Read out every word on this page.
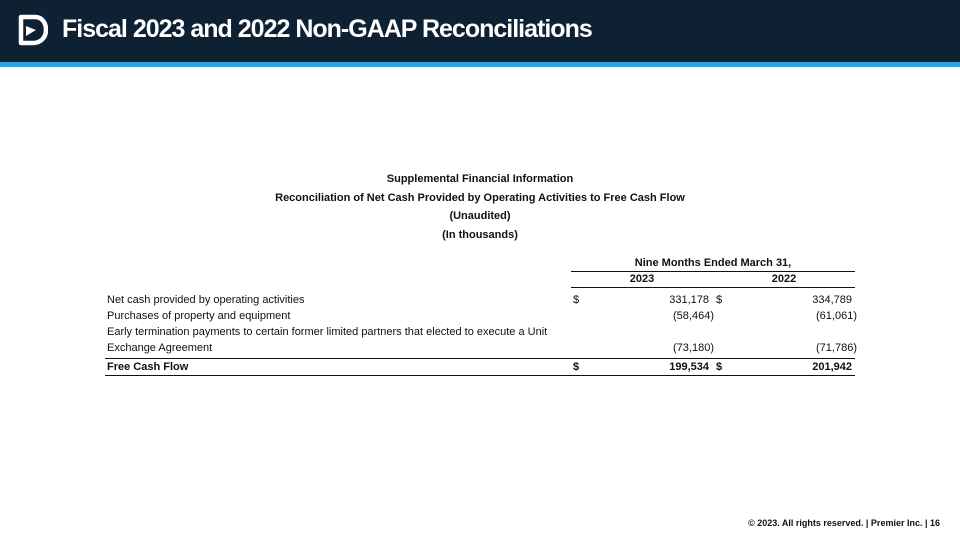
Fiscal 2023 and 2022 Non-GAAP Reconciliations
Supplemental Financial Information
Reconciliation of Net Cash Provided by Operating Activities to Free Cash Flow
(Unaudited)
(In thousands)
Nine Months Ended March 31,
2023	2022
Net cash provided by operating activities	$	331,178 $	334,789
Purchases of property and equipment	(58,464)	(61,061)
Early termination payments to certain former limited partners that elected to execute a Unit
Exchange Agreement	(73,180)	(71,786)
Free Cash Flow	$	199,534 $	201,942
© 2023. All rights reserved. | Premier Inc. | 16
